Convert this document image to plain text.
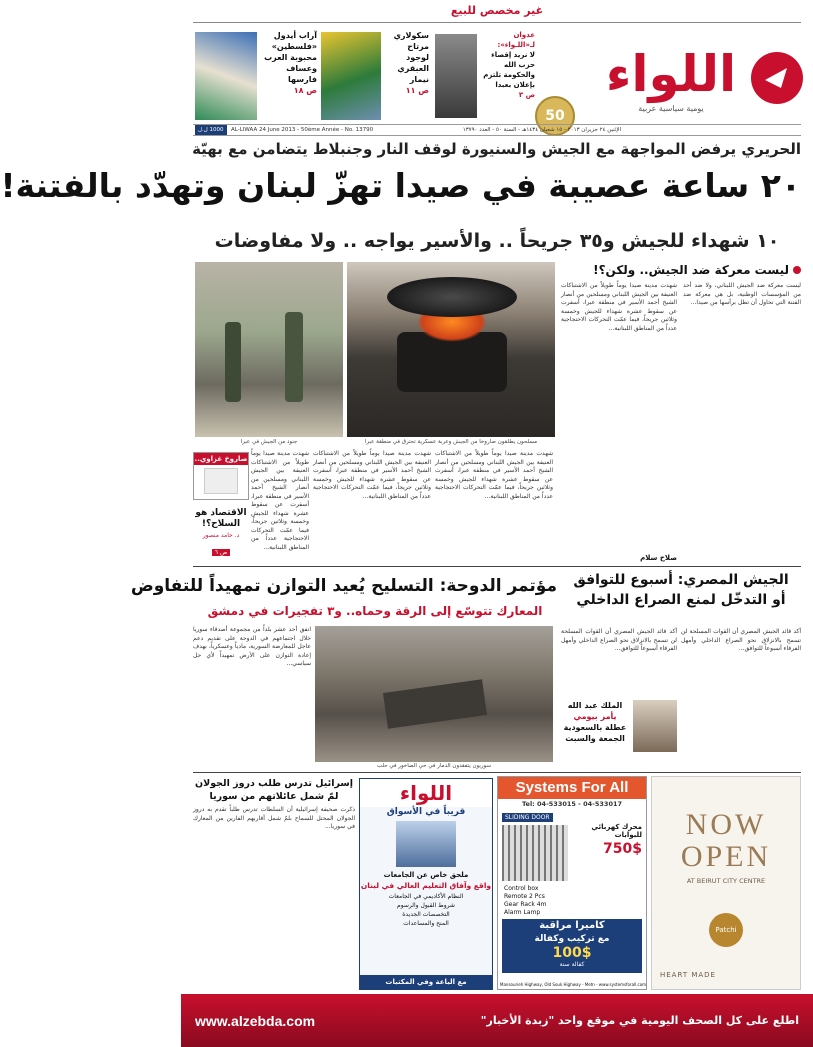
غير مخصص للبيع
اللواء
يومية سياسية عربية
50
عدوان لـ«اللـواء»:
لا نريد إقصاء حزب الله
والحكومة تلتزم بإعلان بعبدا
ص ٣
سكولاري
مرتاح
لوجود
العبقري
نيمار
ص ١١
آراب أيدول
«فلسطين»
محبوبة العرب
وعساف
فارسها
ص ١٨
1000 ل.ل	AL-LIWAA 24 June 2013 - 50ème Année - No. 13790	الإثنين ٢٤ حزيران ٢٠١٣ - ١٥ شعبان ١٤٣٤هـ - السنة ٥٠ - العدد ١٣٧٩٠
الحريري يرفض المواجهة مع الجيش والسنيورة لوقف النار وجنبلاط يتضامن مع بهيّة
٢٠ ساعة عصيبة في صيدا تهزّ لبنان وتهدّد بالفتنة!
١٠ شهداء للجيش و٣٥ جريحاً .. والأسير يواجه .. ولا مفاوضات
مسلحون يطلقون صاروخا من الجيش وعربة عسكرية تحترق في منطقة عبرا
جنود من الجيش في عبرا
ليست معركة ضد الجيش.. ولكن؟!
ليست معركة ضد الجيش اللبناني، ولا ضد أحد من المؤسسات الوطنية، بل هي معركة ضد الفتنة التي تحاول أن تطل برأسها من صيدا...
شهدت مدينة صيدا يوماً طويلاً من الاشتباكات العنيفة بين الجيش اللبناني ومسلحين من أنصار الشيخ أحمد الأسير في منطقة عبرا، أسفرت عن سقوط عشرة شهداء للجيش وخمسة وثلاثين جريحاً، فيما عمّت التحركات الاحتجاجية عدداً من المناطق اللبنانية...
صلاح سلام
شهدت مدينة صيدا يوماً طويلاً من الاشتباكات العنيفة بين الجيش اللبناني ومسلحين من أنصار الشيخ أحمد الأسير في منطقة عبرا، أسفرت عن سقوط عشرة شهداء للجيش وخمسة وثلاثين جريحاً، فيما عمّت التحركات الاحتجاجية عدداً من المناطق اللبنانية...
شهدت مدينة صيدا يوماً طويلاً من الاشتباكات العنيفة بين الجيش اللبناني ومسلحين من أنصار الشيخ أحمد الأسير في منطقة عبرا، أسفرت عن سقوط عشرة شهداء للجيش وخمسة وثلاثين جريحاً، فيما عمّت التحركات الاحتجاجية عدداً من المناطق اللبنانية...
شهدت مدينة صيدا يوماً طويلاً من الاشتباكات العنيفة بين الجيش اللبناني ومسلحين من أنصار الشيخ أحمد الأسير في منطقة عبرا، أسفرت عن سقوط عشرة شهداء للجيش وخمسة وثلاثين جريحاً، فيما عمّت التحركات الاحتجاجية عدداً من المناطق اللبنانية...
صاروخ غزاوي..
الاقتصاد هو السلاح؟!
د. حامد منصور
ص ٦
الجيش المصري: أسبوع للتوافق
أو التدخّل لمنع الصراع الداخلي
مؤتمر الدوحة: التسليح يُعيد التوازن تمهيداً للتفاوض
المعارك تتوسّع إلى الرقة وحماه.. و٣ تفجيرات في دمشق
أكد قائد الجيش المصري أن القوات المسلحة لن تسمح بالانزلاق نحو الصراع الداخلي وأمهل الفرقاء أسبوعاً للتوافق...
أكد قائد الجيش المصري أن القوات المسلحة لن تسمح بالانزلاق نحو الصراع الداخلي وأمهل الفرقاء أسبوعاً للتوافق...
الملك عبد الله
يأمر بيومي
عطلة بالسعودية
الجمعة والسبت
سوريون يتفقدون الدمار في حي الصاخور في حلب
اتفق أحد عشر بلداً من مجموعة أصدقاء سوريا خلال اجتماعهم في الدوحة على تقديم دعم عاجل للمعارضة السورية، مادياً وعسكرياً، بهدف إعادة التوازن على الأرض تمهيداً لأي حل سياسي...
إسرائيل تدرس طلب دروز الجولان
لمّ شمل عائلاتهم من سوريا
ذكرت صحيفة إسرائيلية أن السلطات تدرس طلباً تقدم به دروز الجولان المحتل للسماح بلمّ شمل أقاربهم الفارين من المعارك في سوريا...
اللواء
قريباً في الأسواق
ملحق خاص عن الجامعات
واقع وآفاق التعليم العالي في لبنان
النظام الأكاديمي في الجامعات
شروط القبول والرسوم
التخصصات الجديدة
المنح والمساعدات
مع الباعة وفي المكتبات
Systems For All
Tel: 04-533015 - 04-533017
SLIDING DOOR
محرك كهربائي للبوابات
750$
Control box
Remote 2 Pcs
Gear Rack 4m
Alarm Lamp
كاميرا مراقبة
مع تركيب وكفالة
100$
كفالة سنة
Mansourieh Highway, Old Souk Highway - Metn - www.systemsforall.com
NOW
OPEN
AT BEIRUT CITY CENTRE
Patchi
HEART MADE
اطلع على كل الصحف اليومية في موقع واحد "زبدة الأخبار"
www.alzebda.com
